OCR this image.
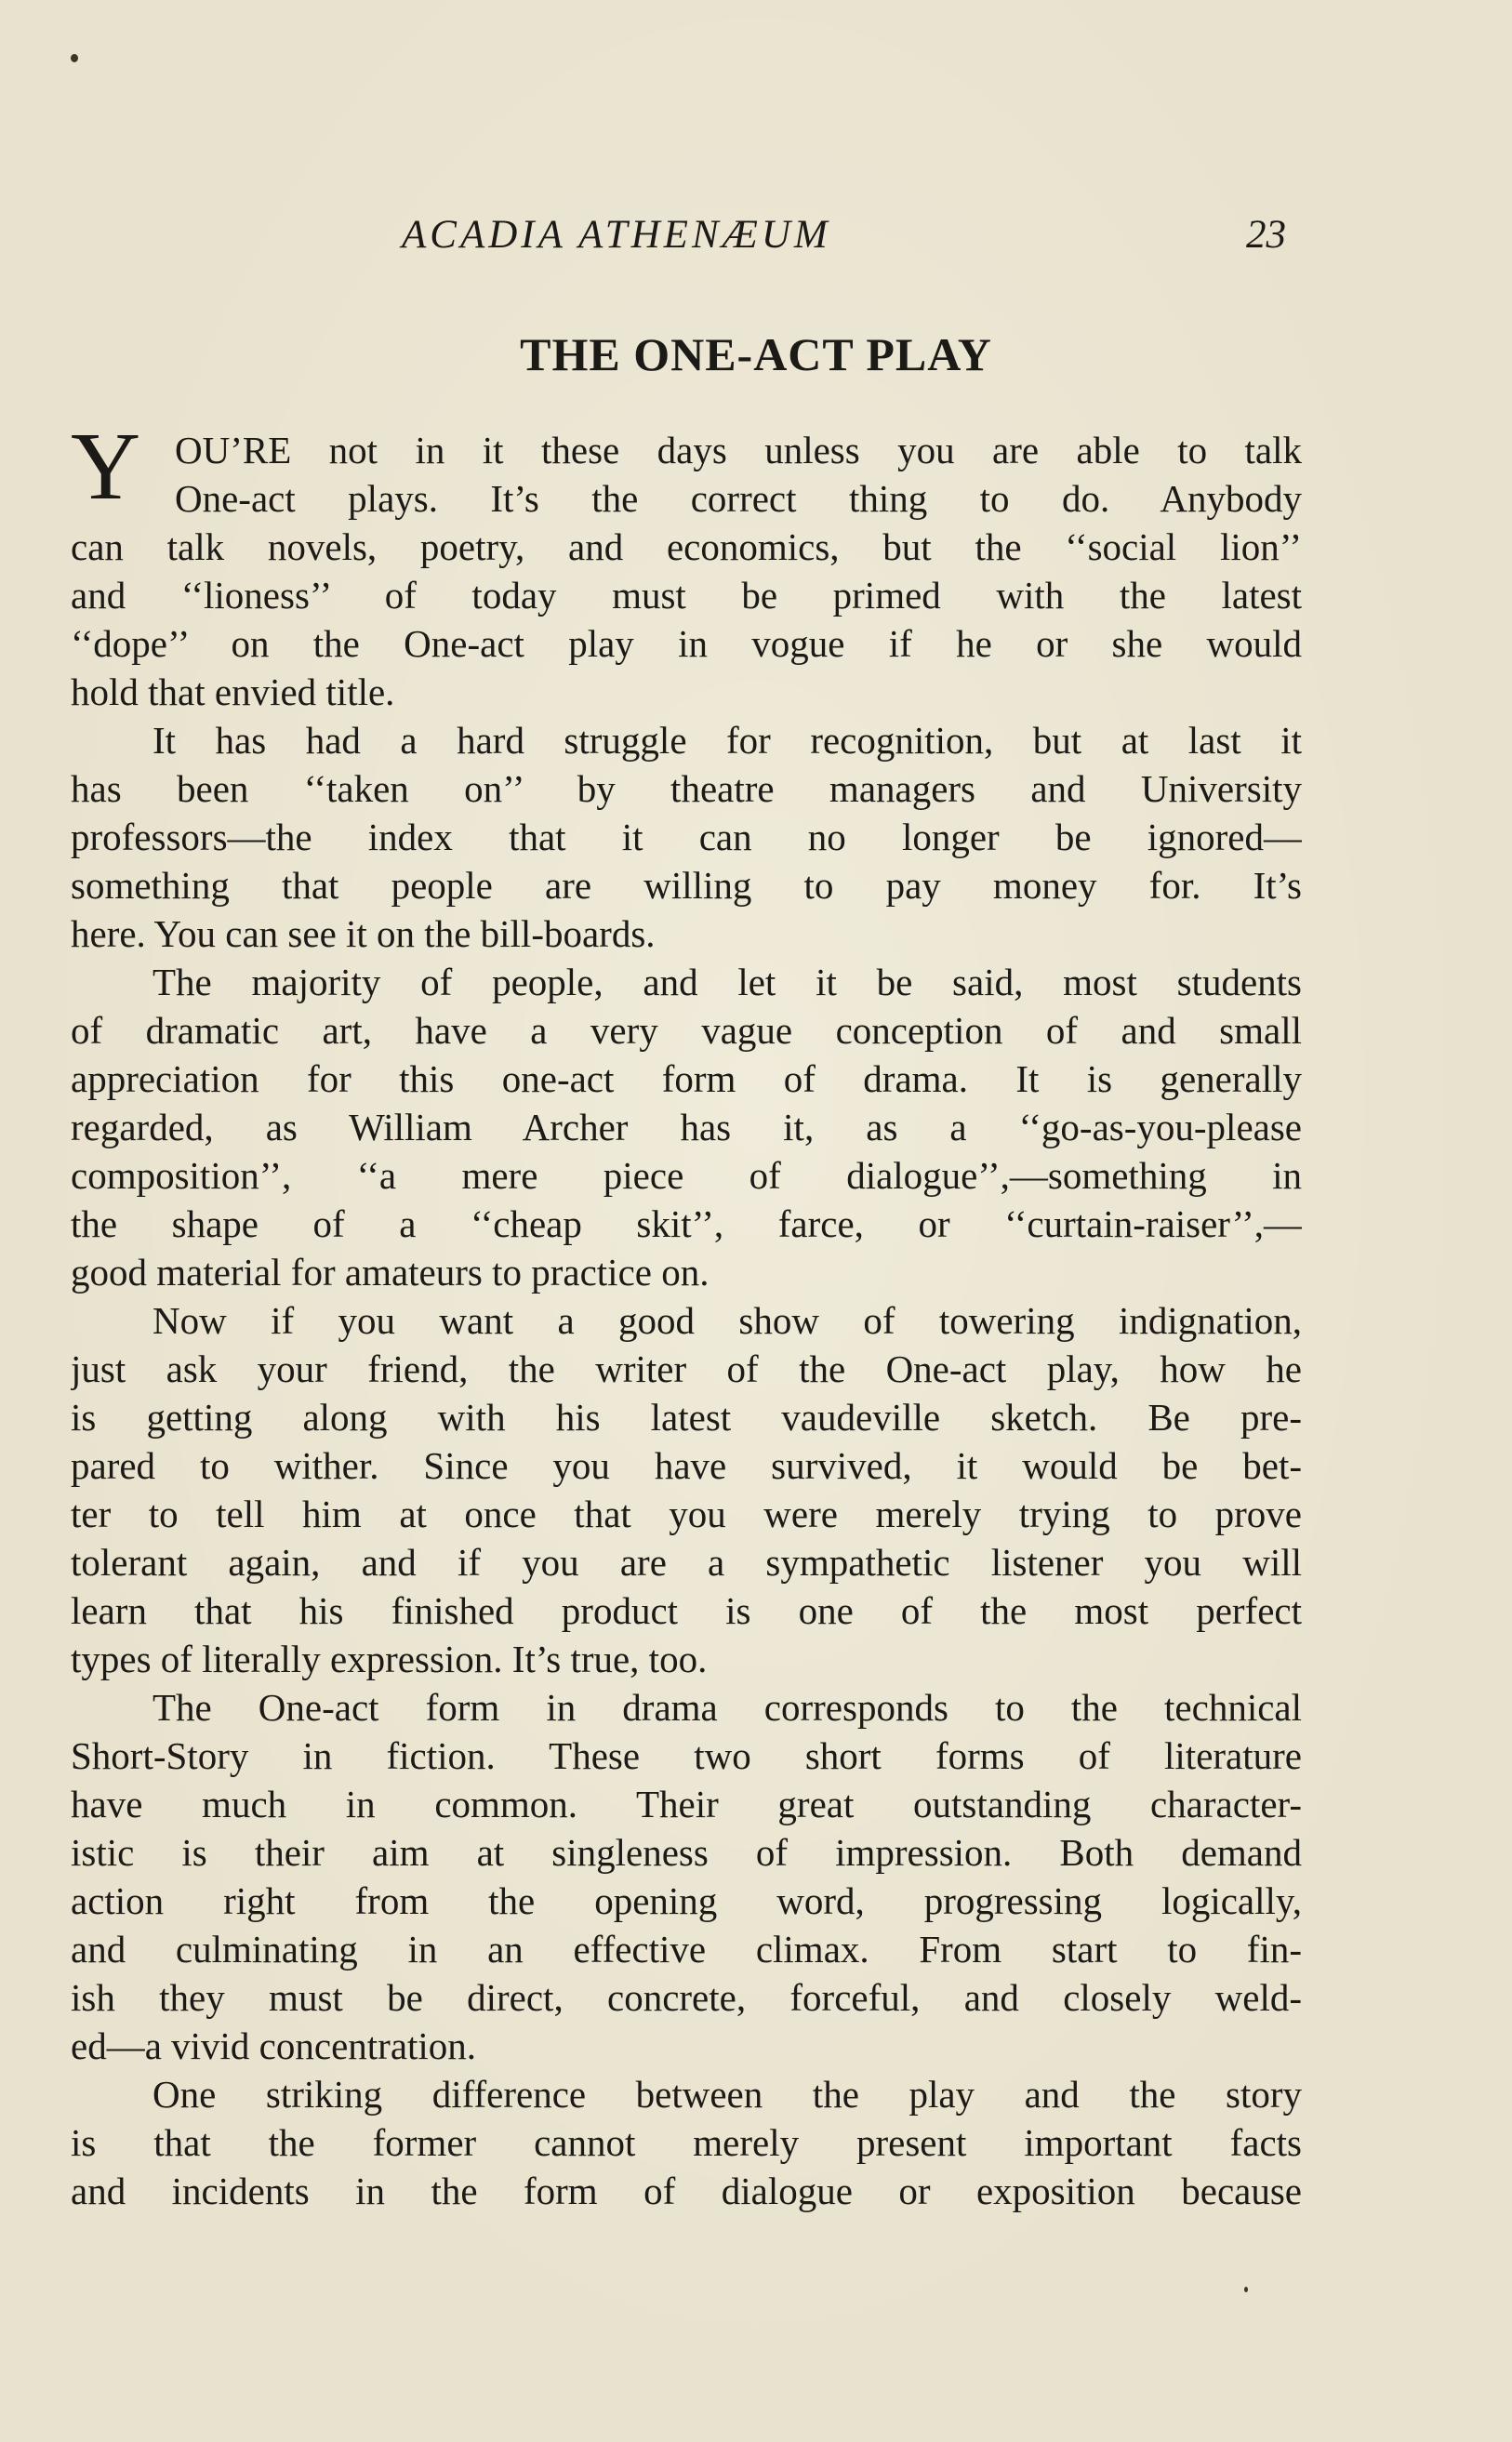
ACADIA ATHENÆUM	23
THE ONE-ACT PLAY
Y OU’RE not in it these days unless you are able to talk
One-act plays. It’s the correct thing to do. Anybody
can talk novels, poetry, and economics, but the ‘‘social lion’’
and ‘‘lioness’’ of today must be primed with the latest
‘‘dope’’ on the One-act play in vogue if he or she would
hold that envied title.
It has had a hard struggle for recognition, but at last it
has been ‘‘taken on’’ by theatre managers and University
professors—the index that it can no longer be ignored—
something that people are willing to pay money for. It’s
here. You can see it on the bill-boards.
The majority of people, and let it be said, most students
of dramatic art, have a very vague conception of and small
appreciation for this one-act form of drama. It is generally
regarded, as William Archer has it, as a ‘‘go-as-you-please
composition’’, ‘‘a mere piece of dialogue’’,—something in
the shape of a ‘‘cheap skit’’, farce, or ‘‘curtain-raiser’’,—
good material for amateurs to practice on.
Now if you want a good show of towering indignation,
just ask your friend, the writer of the One-act play, how he
is getting along with his latest vaudeville sketch. Be pre-
pared to wither. Since you have survived, it would be bet-
ter to tell him at once that you were merely trying to prove
tolerant again, and if you are a sympathetic listener you will
learn that his finished product is one of the most perfect
types of literally expression. It’s true, too.
The One-act form in drama corresponds to the technical
Short-Story in fiction. These two short forms of literature
have much in common. Their great outstanding character-
istic is their aim at singleness of impression. Both demand
action right from the opening word, progressing logically,
and culminating in an effective climax. From start to fin-
ish they must be direct, concrete, forceful, and closely weld-
ed—a vivid concentration.
One striking difference between the play and the story
is that the former cannot merely present important facts
and incidents in the form of dialogue or exposition because
